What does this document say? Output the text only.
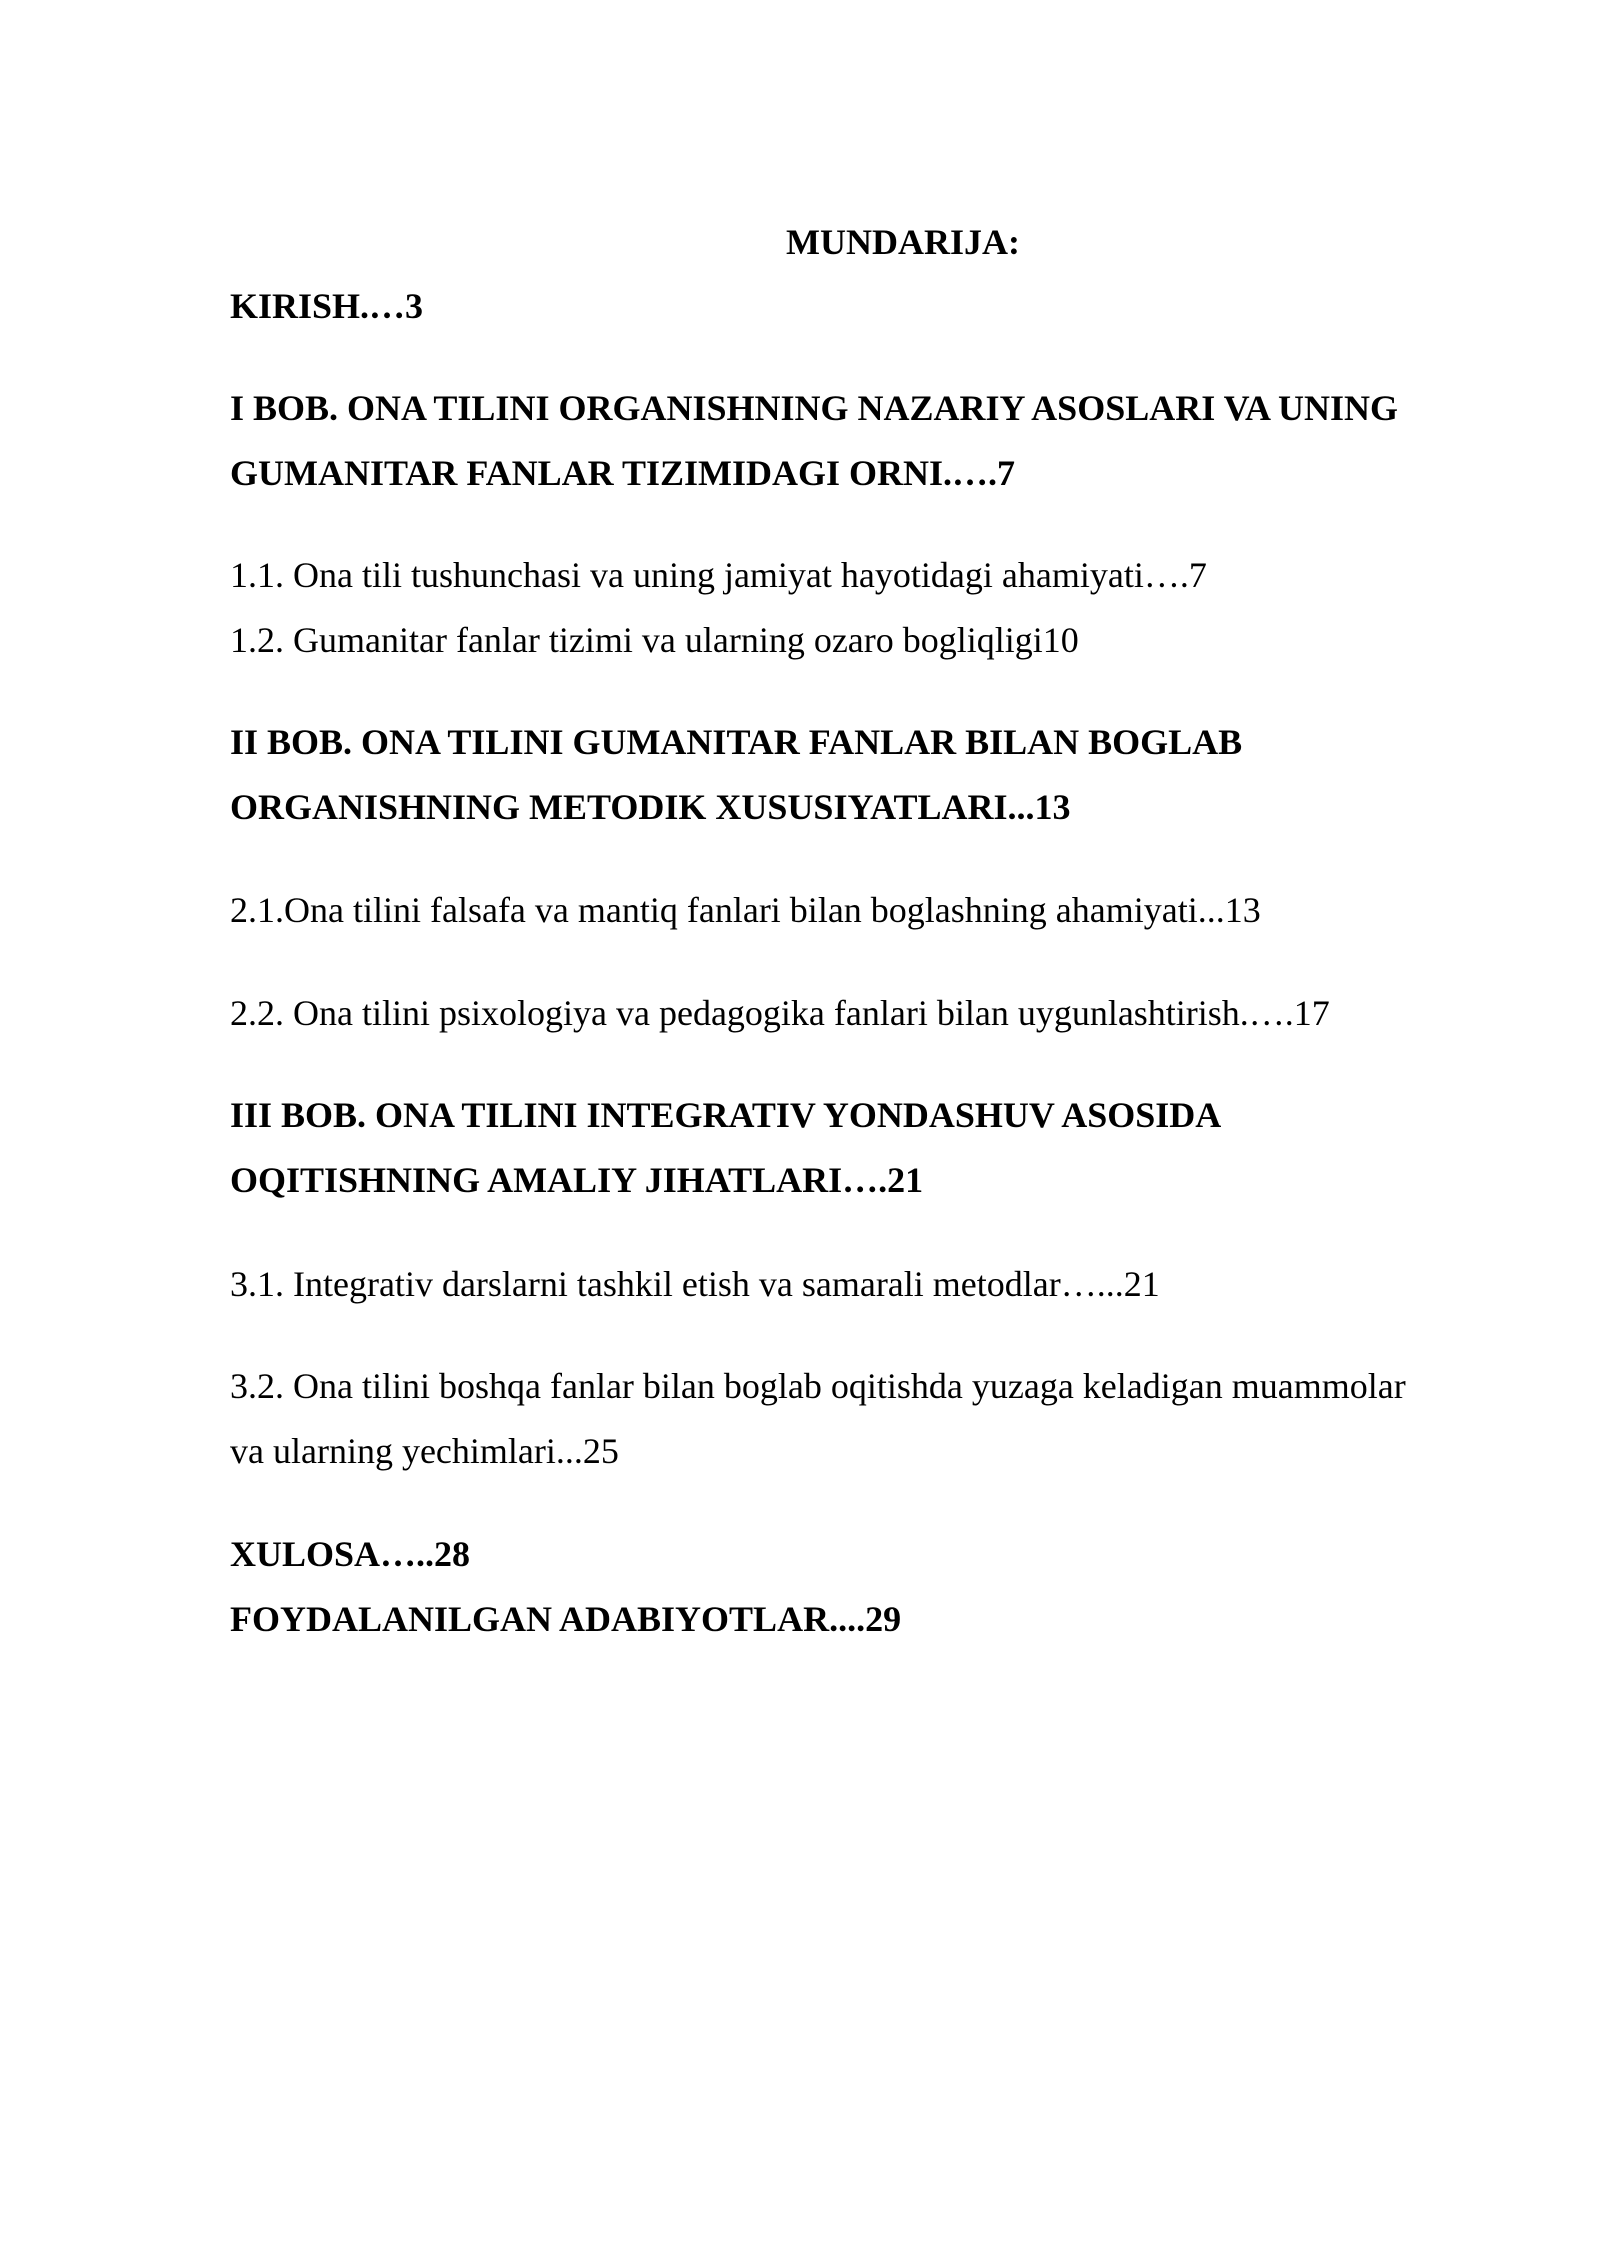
MUNDARIJA:
KIRISH.…3
I BOB. ONA TILINI ORGANISHNING NAZARIY ASOSLARI VA UNING
GUMANITAR FANLAR TIZIMIDAGI ORNI.….7
1.1. Ona tili tushunchasi va uning jamiyat hayotidagi ahamiyati….7
1.2. Gumanitar fanlar tizimi va ularning ozaro bogliqligi10
II BOB. ONA TILINI GUMANITAR FANLAR BILAN BOGLAB
ORGANISHNING METODIK XUSUSIYATLARI...13
2.1.Ona tilini falsafa va mantiq fanlari bilan boglashning ahamiyati...13
2.2. Ona tilini psixologiya va pedagogika fanlari bilan uygunlashtirish.….17
III BOB. ONA TILINI INTEGRATIV YONDASHUV ASOSIDA
OQITISHNING AMALIY JIHATLARI….21
3.1. Integrativ darslarni tashkil etish va samarali metodlar…...21
3.2. Ona tilini boshqa fanlar bilan boglab oqitishda yuzaga keladigan muammolar
va ularning yechimlari...25
XULOSA…..28
FOYDALANILGAN ADABIYOTLAR....29
